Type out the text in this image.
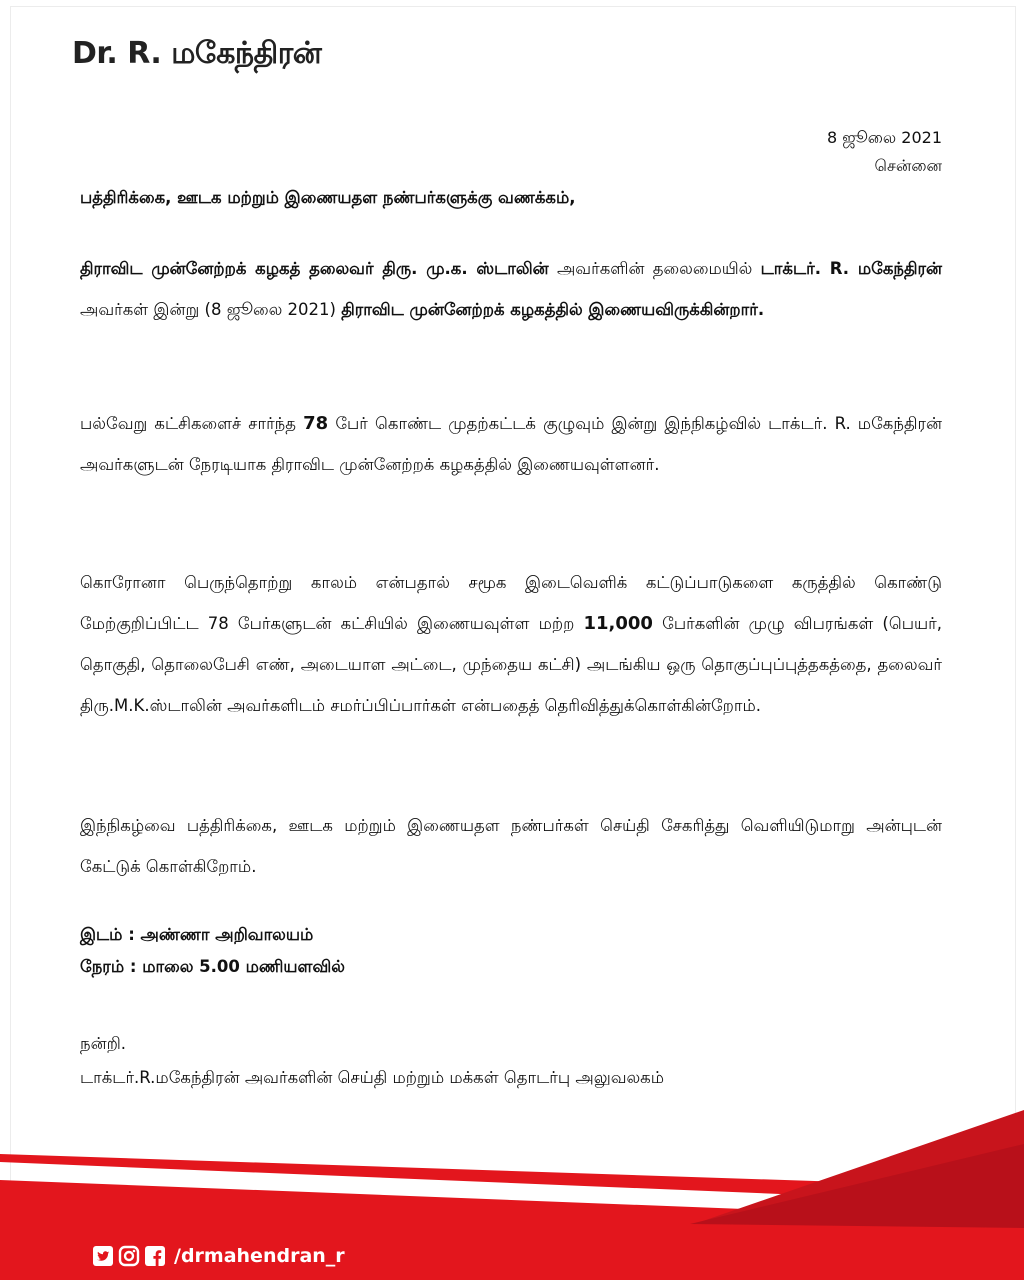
Dr. R. மகேந்திரன்
8 ஜூலை 2021
சென்னை

பத்திரிக்கை, ஊடக மற்றும் இணையதள நண்பர்களுக்கு வணக்கம்,

திராவிட முன்னேற்றக் கழகத் தலைவர் திரு. மு.க. ஸ்டாலின் அவர்களின் தலைமையில் டாக்டர். R. மகேந்திரன் அவர்கள் இன்று (8 ஜூலை 2021) திராவிட முன்னேற்றக் கழகத்தில் இணையவிருக்கின்றார்.

பல்வேறு கட்சிகளைச் சார்ந்த 78 பேர் கொண்ட முதற்கட்டக் குழுவும் இன்று இந்நிகழ்வில் டாக்டர். R. மகேந்திரன் அவர்களுடன் நேரடியாக திராவிட முன்னேற்றக் கழகத்தில் இணையவுள்ளனர்.

கொரோனா பெருந்தொற்று காலம் என்பதால் சமூக இடைவெளிக் கட்டுப்பாடுகளை கருத்தில் கொண்டு மேற்குறிப்பிட்ட 78 பேர்களுடன் கட்சியில் இணையவுள்ள மற்ற 11,000 பேர்களின் முழு விபரங்கள் (பெயர், தொகுதி, தொலைபேசி எண், அடையாள அட்டை, முந்தைய கட்சி) அடங்கிய ஒரு தொகுப்புப்புத்தகத்தை, தலைவர் திரு.M.K.ஸ்டாலின் அவர்களிடம் சமர்ப்பிப்பார்கள் என்பதைத் தெரிவித்துக்கொள்கின்றோம்.

இந்நிகழ்வை பத்திரிக்கை, ஊடக மற்றும் இணையதள நண்பர்கள் செய்தி சேகரித்து வெளியிடுமாறு அன்புடன் கேட்டுக் கொள்கிறோம்.

இடம் : அண்ணா அறிவாலயம்
நேரம் : மாலை 5.00 மணியளவில்
நன்றி.
டாக்டர்.R.மகேந்திரன் அவர்களின் செய்தி மற்றும் மக்கள் தொடர்பு அலுவலகம்
/drmahendran_r
